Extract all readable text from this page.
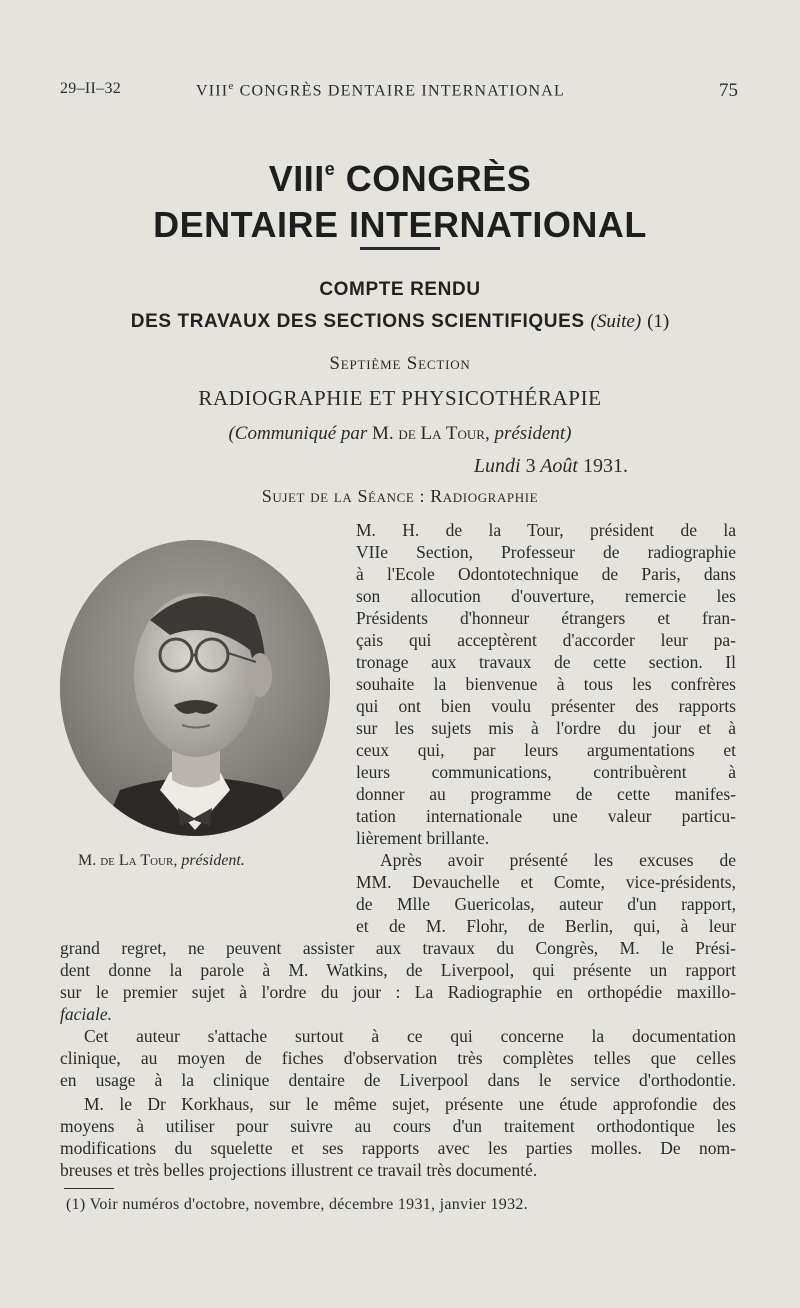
29–II–32	VIIIe CONGRÈS DENTAIRE INTERNATIONAL	75
VIIIe CONGRÈS
DENTAIRE INTERNATIONAL
COMPTE RENDU
DES TRAVAUX DES SECTIONS SCIENTIFIQUES (Suite) (1)
Septième Section
RADIOGRAPHIE ET PHYSICOTHÉRAPIE
(Communiqué par M. de La Tour, président)
Lundi 3 Août 1931.
Sujet de la Séance : Radiographie
M. de La Tour, président.
M. H. de la Tour, président de la
VIIe Section, Professeur de radiographie
à l'Ecole Odontotechnique de Paris, dans
son allocution d'ouverture, remercie les
Présidents d'honneur étrangers et fran-
çais qui acceptèrent d'accorder leur pa-
tronage aux travaux de cette section. Il
souhaite la bienvenue à tous les confrères
qui ont bien voulu présenter des rapports
sur les sujets mis à l'ordre du jour et à
ceux qui, par leurs argumentations et
leurs communications, contribuèrent à
donner au programme de cette manifes-
tation internationale une valeur particu-
lièrement brillante.
Après avoir présenté les excuses de
MM. Devauchelle et Comte, vice-présidents,
de Mlle Guericolas, auteur d'un rapport,
et de M. Flohr, de Berlin, qui, à leur
grand regret, ne peuvent assister aux travaux du Congrès, M. le Prési-
dent donne la parole à M. Watkins, de Liverpool, qui présente un rapport
sur le premier sujet à l'ordre du jour : La Radiographie en orthopédie maxillo-
faciale.
Cet auteur s'attache surtout à ce qui concerne la documentation
clinique, au moyen de fiches d'observation très complètes telles que celles
en usage à la clinique dentaire de Liverpool dans le service d'orthodontie.
M. le Dr Korkhaus, sur le même sujet, présente une étude approfondie des
moyens à utiliser pour suivre au cours d'un traitement orthodontique les
modifications du squelette et ses rapports avec les parties molles. De nom-
breuses et très belles projections illustrent ce travail très documenté.
(1) Voir numéros d'octobre, novembre, décembre 1931, janvier 1932.
